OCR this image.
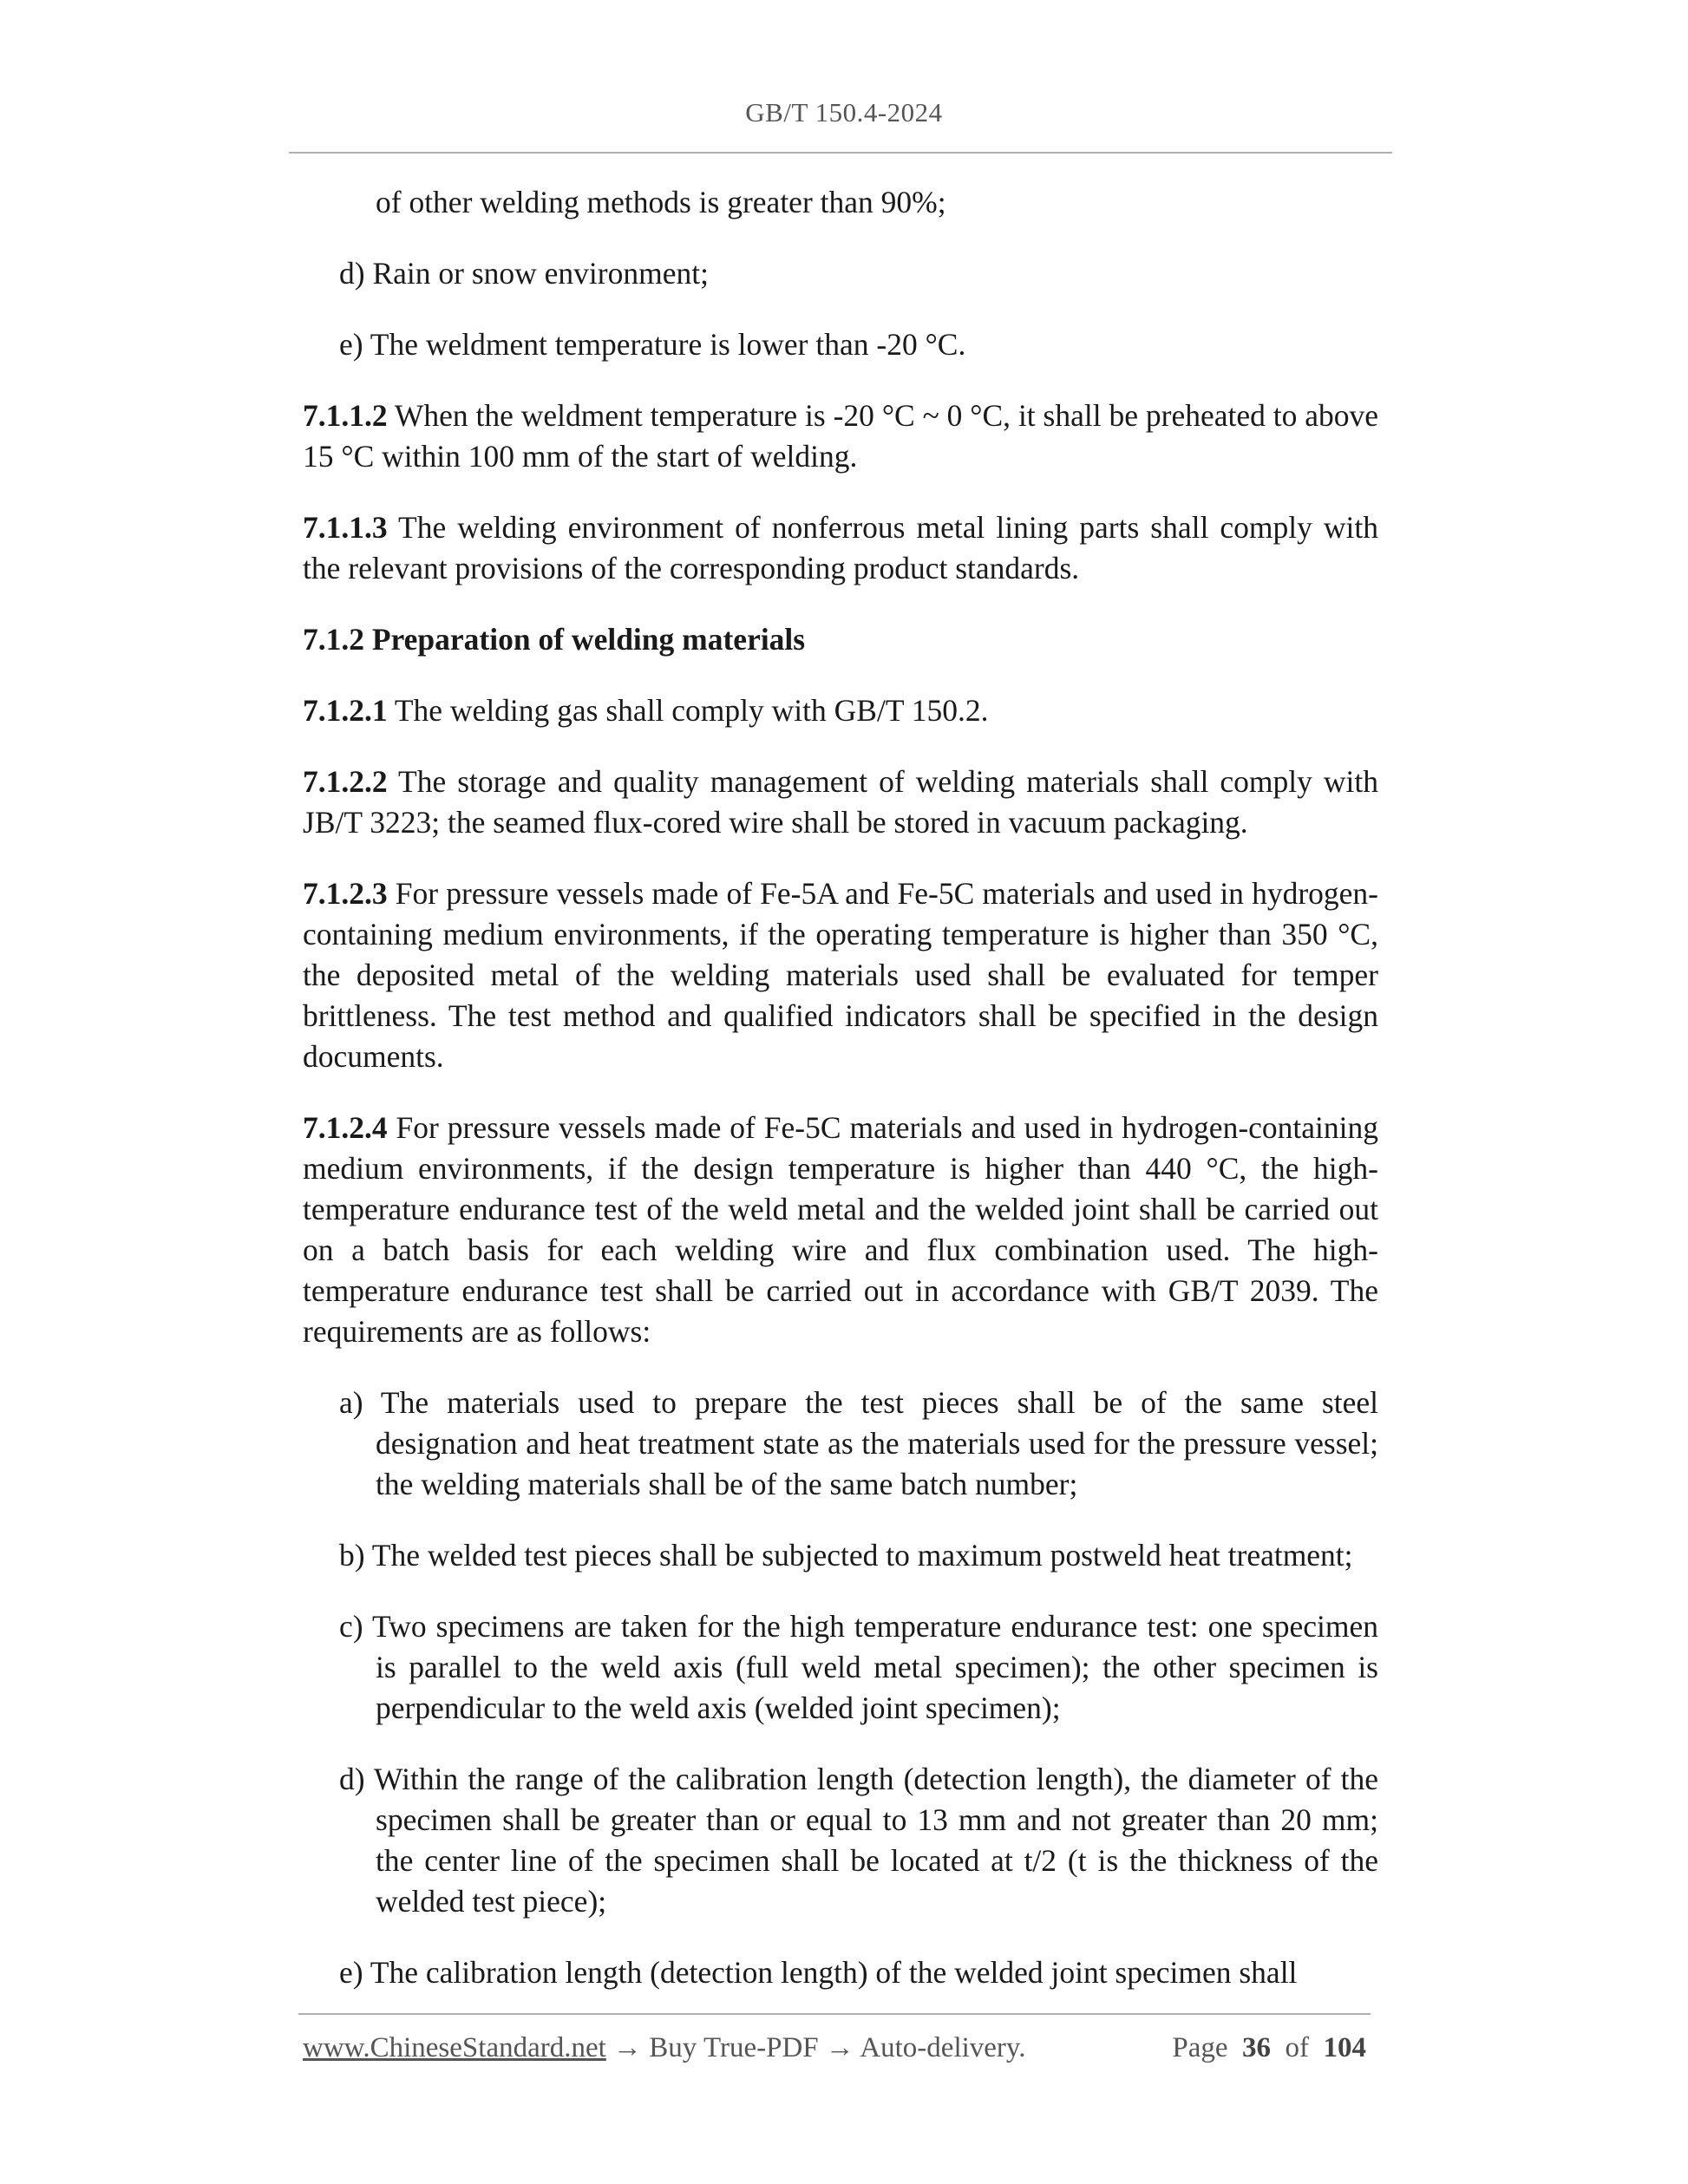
GB/T 150.4-2024

of other welding methods is greater than 90%;

d) Rain or snow environment;

e) The weldment temperature is lower than -20 °C.

7.1.1.2 When the weldment temperature is -20 °C ~ 0 °C, it shall be preheated to above 15 °C within 100 mm of the start of welding.

7.1.1.3 The welding environment of nonferrous metal lining parts shall comply with the relevant provisions of the corresponding product standards.

7.1.2 Preparation of welding materials

7.1.2.1 The welding gas shall comply with GB/T 150.2.

7.1.2.2 The storage and quality management of welding materials shall comply with JB/T 3223; the seamed flux-cored wire shall be stored in vacuum packaging.

7.1.2.3 For pressure vessels made of Fe-5A and Fe-5C materials and used in hydrogen-containing medium environments, if the operating temperature is higher than 350 °C, the deposited metal of the welding materials used shall be evaluated for temper brittleness. The test method and qualified indicators shall be specified in the design documents.

7.1.2.4 For pressure vessels made of Fe-5C materials and used in hydrogen-containing medium environments, if the design temperature is higher than 440 °C, the high-temperature endurance test of the weld metal and the welded joint shall be carried out on a batch basis for each welding wire and flux combination used. The high-temperature endurance test shall be carried out in accordance with GB/T 2039. The requirements are as follows:

a) The materials used to prepare the test pieces shall be of the same steel designation and heat treatment state as the materials used for the pressure vessel; the welding materials shall be of the same batch number;

b) The welded test pieces shall be subjected to maximum postweld heat treatment;

c) Two specimens are taken for the high temperature endurance test: one specimen is parallel to the weld axis (full weld metal specimen); the other specimen is perpendicular to the weld axis (welded joint specimen);

d) Within the range of the calibration length (detection length), the diameter of the specimen shall be greater than or equal to 13 mm and not greater than 20 mm; the center line of the specimen shall be located at t/2 (t is the thickness of the welded test piece);

e) The calibration length (detection length) of the welded joint specimen shall

www.ChineseStandard.net → Buy True-PDF → Auto-delivery.	Page 36 of 104
